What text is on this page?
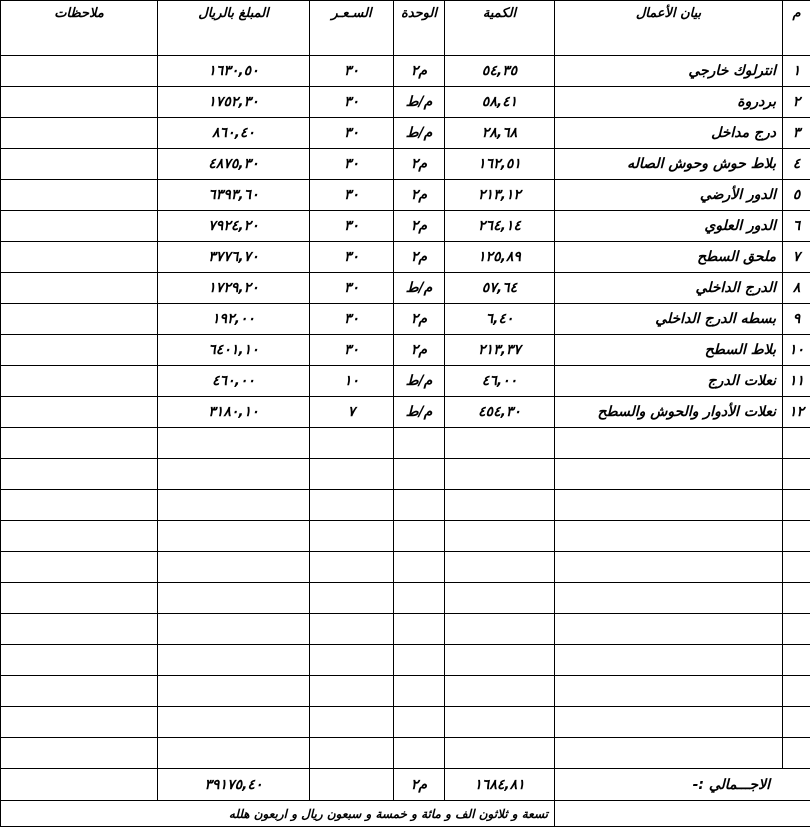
م	بيان الأعمال	الكمية	الوحدة	السـعـر	المبلغ بالريال	ملاحظات
١	انترلوك خارجي	٥٤,٣٥	م٢	٣٠	١٦٣٠,٥٠	
٢	بردروة	٥٨,٤١	م/ط	٣٠	١٧٥٢,٣٠	
٣	درج مداخل	٢٨,٦٨	م/ط	٣٠	٨٦٠,٤٠	
٤	بلاط حوش وحوش الصاله	١٦٢,٥١	م٢	٣٠	٤٨٧٥,٣٠	
٥	الدور الأرضي	٢١٣,١٢	م٢	٣٠	٦٣٩٣,٦٠	
٦	الدور العلوي	٢٦٤,١٤	م٢	٣٠	٧٩٢٤,٢٠	
٧	ملحق السطح	١٢٥,٨٩	م٢	٣٠	٣٧٧٦,٧٠	
٨	الدرج الداخلي	٥٧,٦٤	م/ط	٣٠	١٧٢٩,٢٠	
٩	بسطه الدرج الداخلي	٦,٤٠	م٢	٣٠	١٩٢,٠٠	
١٠	بلاط السطح	٢١٣,٣٧	م٢	٣٠	٦٤٠١,١٠	
١١	نعلات الدرج	٤٦,٠٠	م/ط	١٠	٤٦٠,٠٠	
١٢	نعلات الأدوار والحوش والسطح	٤٥٤,٣٠	م/ط	٧	٣١٨٠,١٠	

الاجـــمالي :-		١٦٨٤,٨١	م٢		٣٩١٧٥,٤٠	
		تسعة و ثلاثون الف و مائة و خمسة و سبعون ريال و اربعون هلله				
